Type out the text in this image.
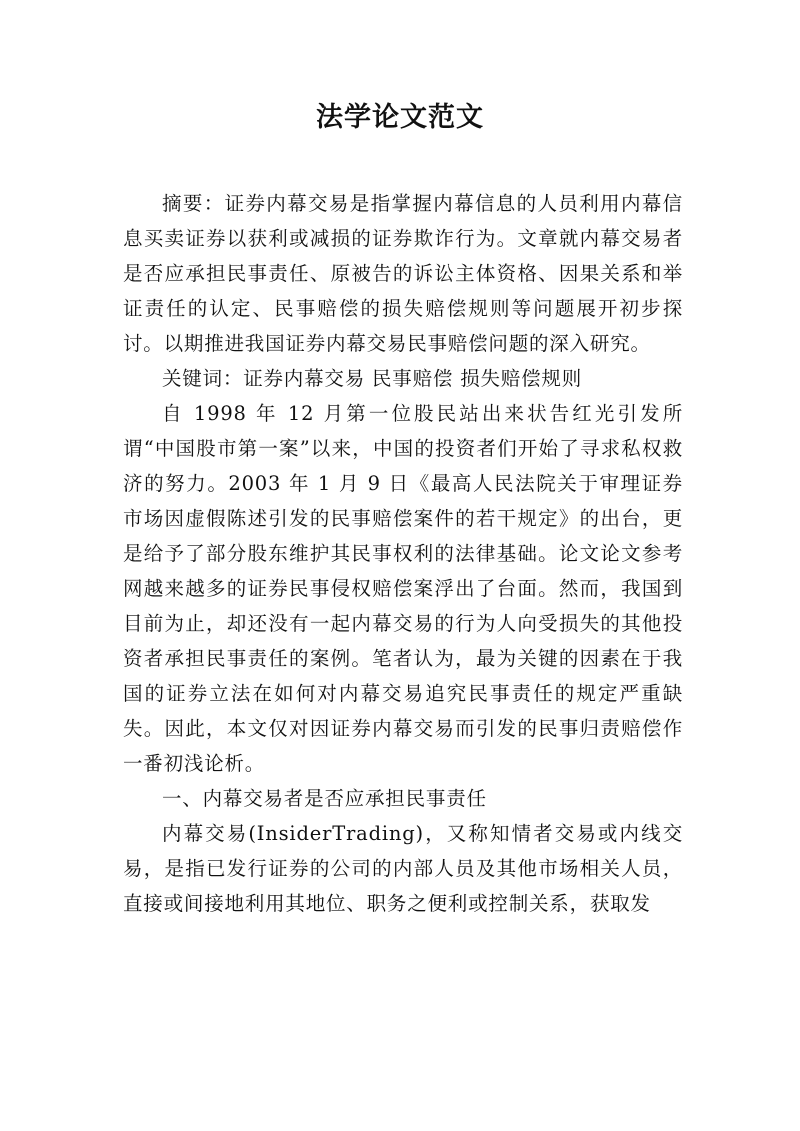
法学论文范文

摘要：证券内幕交易是指掌握内幕信息的人员利用内幕信息买卖证券以获利或减损的证券欺诈行为。文章就内幕交易者是否应承担民事责任、原被告的诉讼主体资格、因果关系和举证责任的认定、民事赔偿的损失赔偿规则等问题展开初步探讨。以期推进我国证券内幕交易民事赔偿问题的深入研究。

关键词：证券内幕交易 民事赔偿 损失赔偿规则

自 1998 年 12 月第一位股民站出来状告红光引发所谓“中国股市第一案”以来，中国的投资者们开始了寻求私权救济的努力。2003 年 1 月 9 日《最高人民法院关于审理证券市场因虚假陈述引发的民事赔偿案件的若干规定》的出台，更是给予了部分股东维护其民事权利的法律基础。论文论文参考网越来越多的证券民事侵权赔偿案浮出了台面。然而，我国到目前为止，却还没有一起内幕交易的行为人向受损失的其他投资者承担民事责任的案例。笔者认为，最为关键的因素在于我国的证券立法在如何对内幕交易追究民事责任的规定严重缺失。因此，本文仅对因证券内幕交易而引发的民事归责赔偿作一番初浅论析。

一、内幕交易者是否应承担民事责任

内幕交易(InsiderTrading)，又称知情者交易或内线交易，是指已发行证券的公司的内部人员及其他市场相关人员，直接或间接地利用其地位、职务之便利或控制关系，获取发
